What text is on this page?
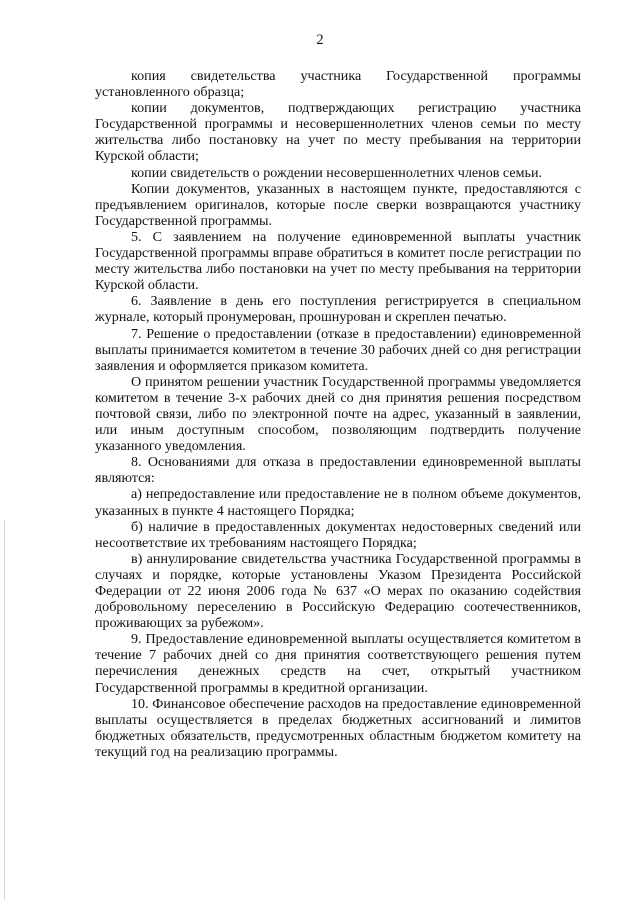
2

копия свидетельства участника Государственной программы установленного образца;

копии документов, подтверждающих регистрацию участника Государственной программы и несовершеннолетних членов семьи по месту жительства либо постановку на учет по месту пребывания на территории Курской области;

копии свидетельств о рождении несовершеннолетних членов семьи.

Копии документов, указанных в настоящем пункте, предоставляются с предъявлением оригиналов, которые после сверки возвращаются участнику Государственной программы.

5. С заявлением на получение единовременной выплаты участник Государственной программы вправе обратиться в комитет после регистрации по месту жительства либо постановки на учет по месту пребывания на территории Курской области.

6. Заявление в день его поступления регистрируется в специальном журнале, который пронумерован, прошнурован и скреплен печатью.

7. Решение о предоставлении (отказе в предоставлении) единовременной выплаты принимается комитетом в течение 30 рабочих дней со дня регистрации заявления и оформляется приказом комитета.

О принятом решении участник Государственной программы уведомляется комитетом в течение 3-х рабочих дней со дня принятия решения посредством почтовой связи, либо по электронной почте на адрес, указанный в заявлении, или иным доступным способом, позволяющим подтвердить получение указанного уведомления.

8. Основаниями для отказа в предоставлении единовременной выплаты являются:

а) непредоставление или предоставление не в полном объеме документов, указанных в пункте 4 настоящего Порядка;

б) наличие в предоставленных документах недостоверных сведений или несоответствие их требованиям настоящего Порядка;

в) аннулирование свидетельства участника Государственной программы в случаях и порядке, которые установлены Указом Президента Российской Федерации от 22 июня 2006 года № 637 «О мерах по оказанию содействия добровольному переселению в Российскую Федерацию соотечественников, проживающих за рубежом».

9. Предоставление единовременной выплаты осуществляется комитетом в течение 7 рабочих дней со дня принятия соответствующего решения путем перечисления денежных средств на счет, открытый участником Государственной программы в кредитной организации.

10. Финансовое обеспечение расходов на предоставление единовременной выплаты осуществляется в пределах бюджетных ассигнований и лимитов бюджетных обязательств, предусмотренных областным бюджетом комитету на текущий год на реализацию программы.
